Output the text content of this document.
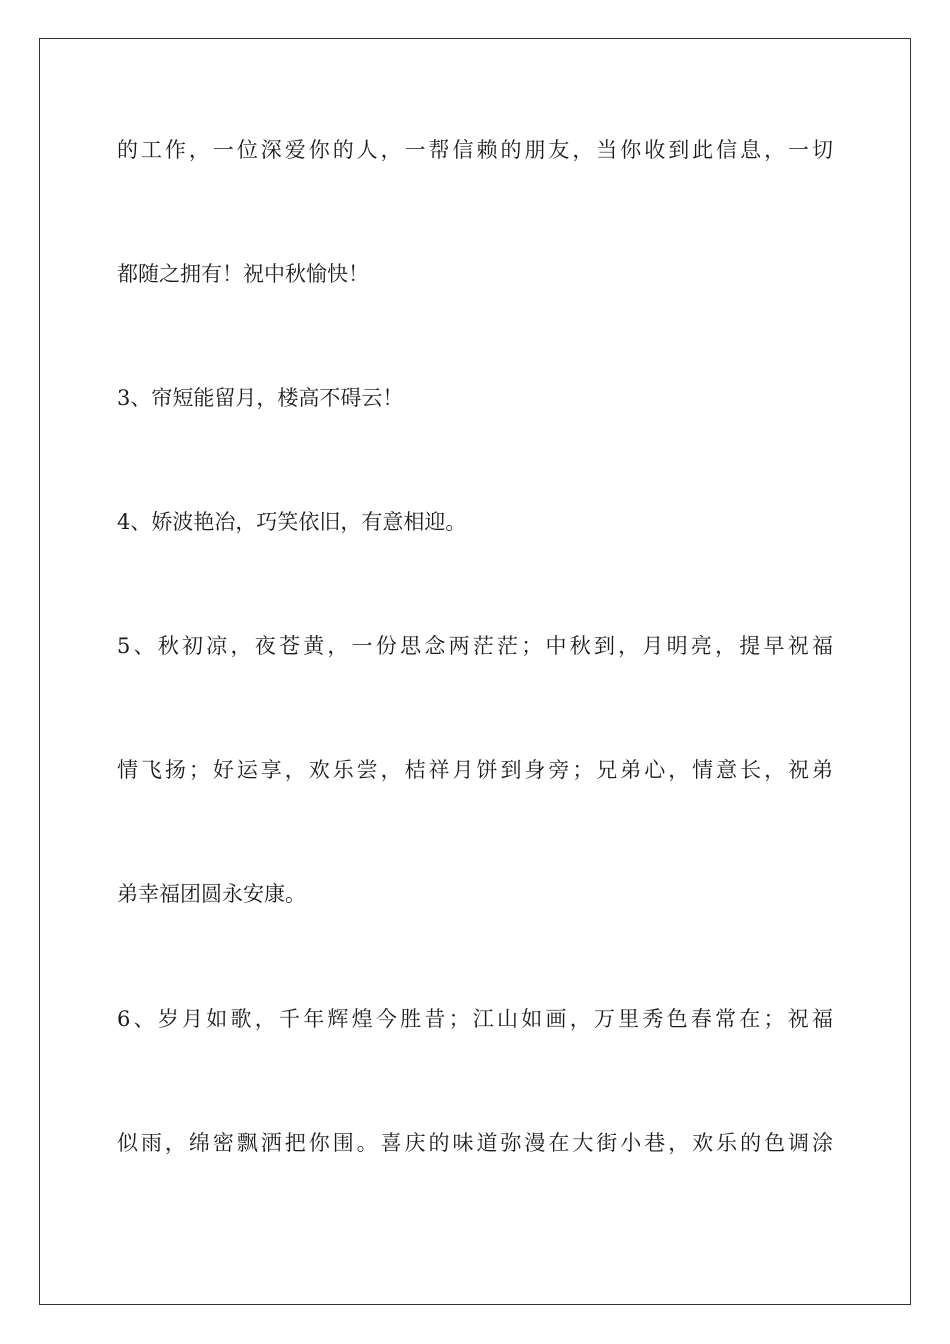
的工作，一位深爱你的人，一帮信赖的朋友，当你收到此信息，一切

都随之拥有！祝中秋愉快！

3、帘短能留月，楼高不碍云！

4、娇波艳冶，巧笑依旧，有意相迎。

5、秋初凉，夜苍黄，一份思念两茫茫；中秋到，月明亮，提早祝福

情飞扬；好运享，欢乐尝，桔祥月饼到身旁；兄弟心，情意长，祝弟

弟幸福团圆永安康。

6、岁月如歌，千年辉煌今胜昔；江山如画，万里秀色春常在；祝福

似雨，绵密飘洒把你围。喜庆的味道弥漫在大街小巷，欢乐的色调涂
